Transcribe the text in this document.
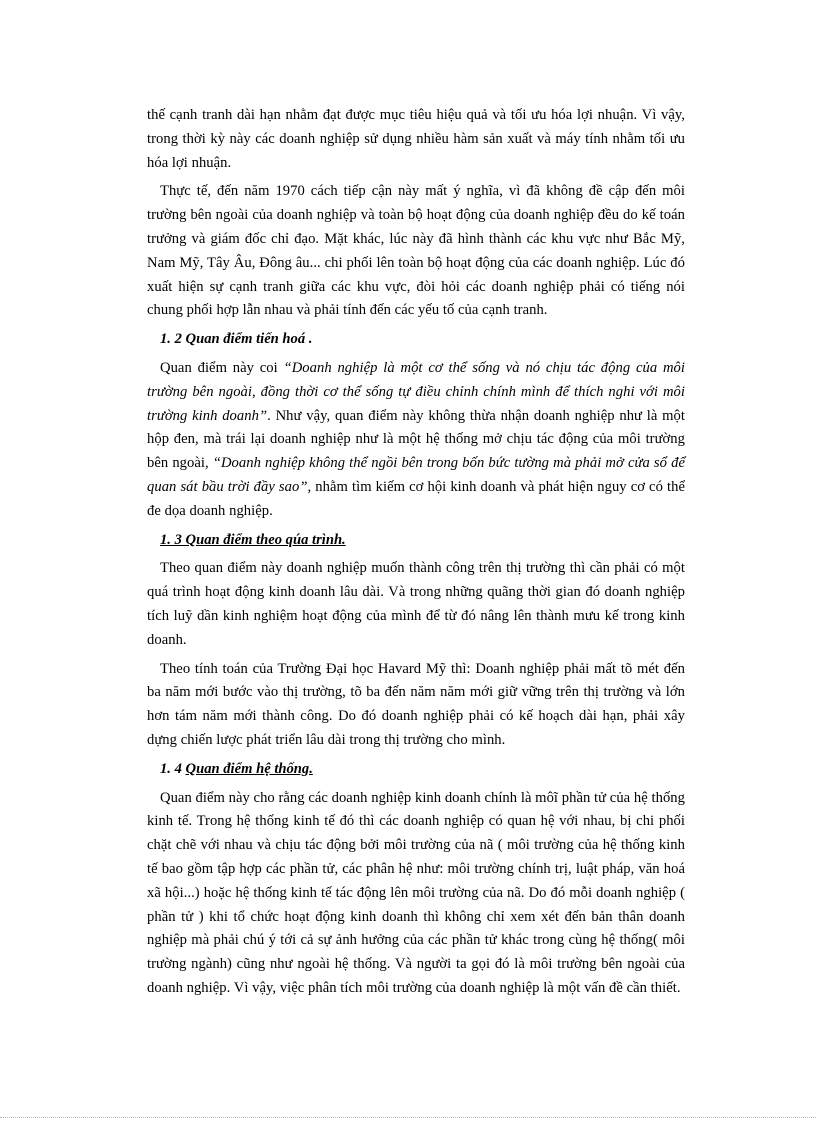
thế cạnh tranh dài hạn nhằm đạt được mục tiêu hiệu quả và tối ưu hóa lợi nhuận. Vì vậy, trong thời kỳ này các doanh nghiệp sử dụng nhiều hàm sản xuất và máy tính nhằm tối ưu hóa lợi nhuận.

Thực tế, đến năm 1970 cách tiếp cận này mất ý nghĩa, vì đã không đề cập đến môi trường bên ngoài của doanh nghiệp và toàn bộ hoạt động của doanh nghiệp đều do kế toán trưởng và giám đốc chỉ đạo. Mặt khác, lúc này đã hình thành các khu vực như Bắc Mỹ, Nam Mỹ, Tây Âu, Đông âu... chi phối lên toàn bộ hoạt động của các doanh nghiệp. Lúc đó xuất hiện sự cạnh tranh giữa các khu vực, đòi hỏi các doanh nghiệp phải có tiếng nói chung phối hợp lẫn nhau và phải tính đến các yếu tố của cạnh tranh.

1. 2 Quan điểm tiến hoá .

Quan điểm này coi “Doanh nghiệp là một cơ thể sống và nó chịu tác động của môi trường bên ngoài, đồng thời cơ thể sống tự điều chỉnh chính mình để thích nghi với môi trường kinh doanh”. Như vậy, quan điểm này không thừa nhận doanh nghiệp như là một hộp đen, mà trái lại doanh nghiệp như là một hệ thống mở chịu tác động của môi trường bên ngoài, “Doanh nghiệp không thể ngồi bên trong bốn bức tường mà phải mở cửa sổ để quan sát bầu trời đầy sao”, nhằm tìm kiếm cơ hội kinh doanh và phát hiện nguy cơ có thể đe dọa doanh nghiệp.

1. 3 Quan điểm theo qúa trình.

Theo quan điểm này doanh nghiệp muốn thành công trên thị trường thì cần phải có một quá trình hoạt động kinh doanh lâu dài. Và trong những quãng thời gian đó doanh nghiệp tích luỹ dần kinh nghiệm hoạt động của mình để từ đó nâng lên thành mưu kế trong kinh doanh.

Theo tính toán của Trường Đại học Havard Mỹ thì: Doanh nghiệp phải mất tõ mét đến ba năm mới bước vào thị trường, tõ ba đến năm năm mới giữ vững trên thị trường và lớn hơn tám năm mới thành công. Do đó doanh nghiệp phải có kế hoạch dài hạn, phải xây dựng chiến lược phát triển lâu dài trong thị trường cho mình.

1. 4 Quan điểm hệ thống.

Quan điểm này cho rằng các doanh nghiệp kinh doanh chính là môĩ phần tử của hệ thống kinh tế. Trong hệ thống kinh tế đó thì các doanh nghiệp có quan hệ với nhau, bị chi phối chặt chẽ với nhau và chịu tác động bởi môi trường của nã ( môi trường của hệ thống kinh tế bao gồm tập hợp các phần tử, các phân hệ như: môi trường chính trị, luật pháp, văn hoá xã hội...) hoặc hệ thống kinh tế tác động lên môi trường của nã. Do đó mỗi doanh nghiệp ( phần tử ) khi tổ chức hoạt động kinh doanh thì không chỉ xem xét đến bản thân doanh nghiệp mà phải chú ý tới cả sự ảnh hưởng của các phần tử khác trong cùng hệ thống( môi trường ngành) cũng như ngoài hệ thống. Và người ta gọi đó là môi trường bên ngoài của doanh nghiệp. Vì vậy, việc phân tích môi trường của doanh nghiệp là một vấn đề cần thiết.
